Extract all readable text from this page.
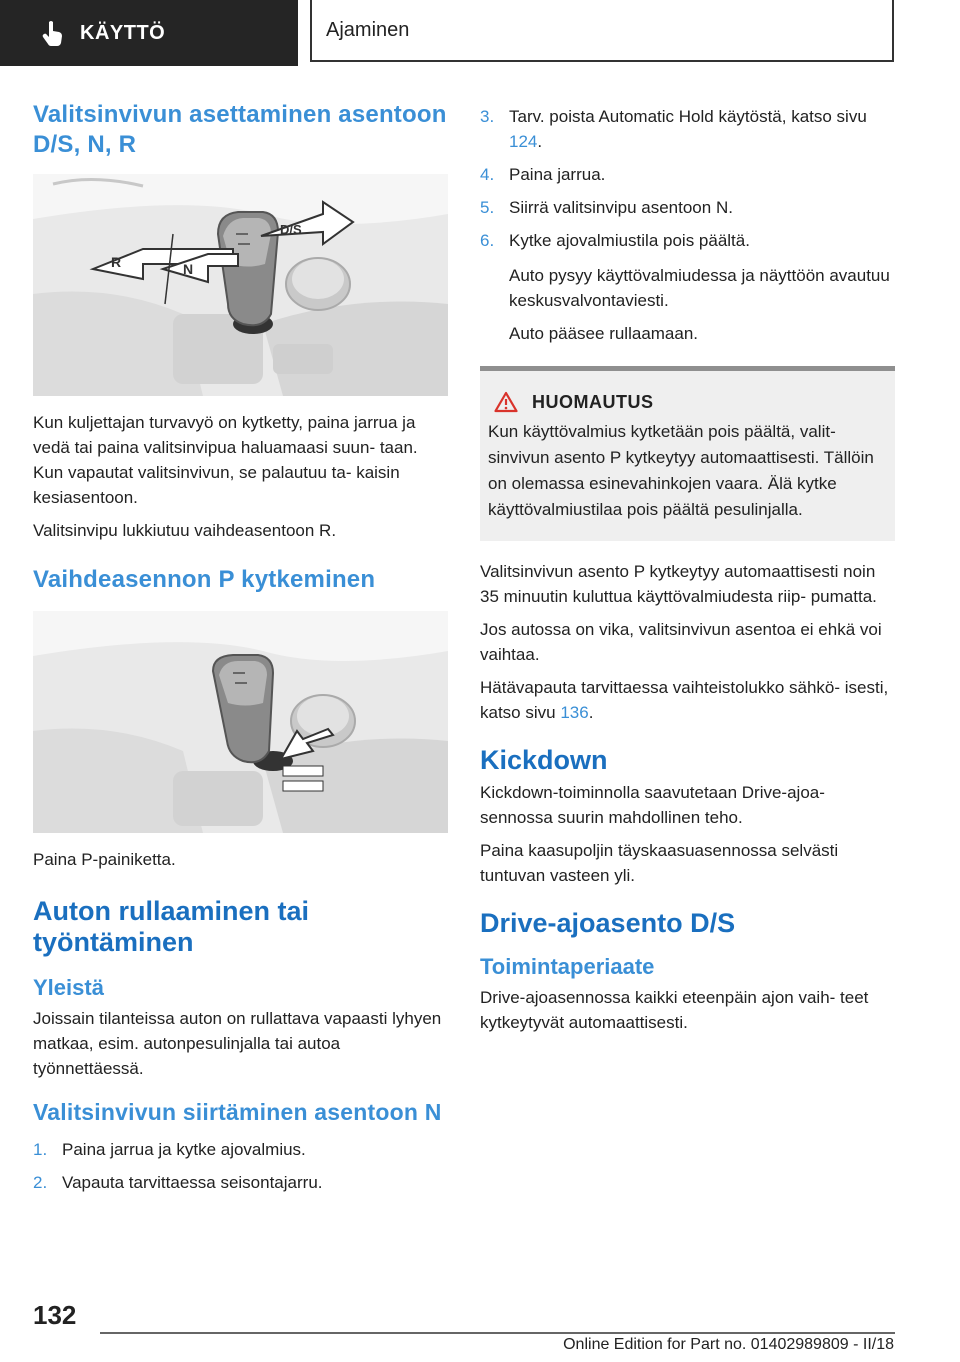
KÄYTTÖ	Ajaminen
Valitsinvivun asettaminen asentoon D/S, N, R
R	N
D/S

Kun kuljettajan turvavyö on kytketty, paina jarrua ja vedä tai paina valitsinvipua haluamaasi suun- taan. Kun vapautat valitsinvivun, se palautuu ta- kaisin kesiasentoon.

Valitsinvipu lukkiutuu vaihdeasentoon R.

Vaihdeasennon P kytkeminen

Paina P-painiketta.

Auton rullaaminen tai työntäminen
Yleistä

Joissain tilanteissa auton on rullattava vapaasti lyhyen matkaa, esim. autonpesulinjalla tai autoa työnnettäessä.

Valitsinvivun siirtäminen asentoon N
1. Paina jarrua ja kytke ajovalmius.
2. Vapauta tarvittaessa seisontajarru.
3. Tarv. poista Automatic Hold käytöstä, katso sivu 124.
4. Paina jarrua.
5. Siirrä valitsinvipu asentoon N.
6. Kytke ajovalmiustila pois päältä.

Auto pysyy käyttövalmiudessa ja näyttöön avautuu keskusvalvontaviesti.

Auto pääsee rullaamaan.

HUOMAUTUS

Kun käyttövalmius kytketään pois päältä, valit- sinvivun asento P kytkeytyy automaattisesti. Tällöin on olemassa esinevahinkojen vaara. Älä kytke käyttövalmiustilaa pois päältä pesulinjalla.

Valitsinvivun asento P kytkeytyy automaattisesti noin 35 minuutin kuluttua käyttövalmiudesta riip- pumatta.

Jos autossa on vika, valitsinvivun asentoa ei ehkä voi vaihtaa.

Hätävapauta tarvittaessa vaihteistolukko sähkö- isesti, katso sivu 136.

Kickdown

Kickdown-toiminnolla saavutetaan Drive-ajoa- sennossa suurin mahdollinen teho.

Paina kaasupoljin täyskaasuasennossa selvästi tuntuvan vasteen yli.

Drive-ajoasento D/S
Toimintaperiaate

Drive-ajoasennossa kaikki eteenpäin ajon vaih- teet kytkeytyvät automaattisesti.

132
Online Edition for Part no. 01402989809 - II/18
